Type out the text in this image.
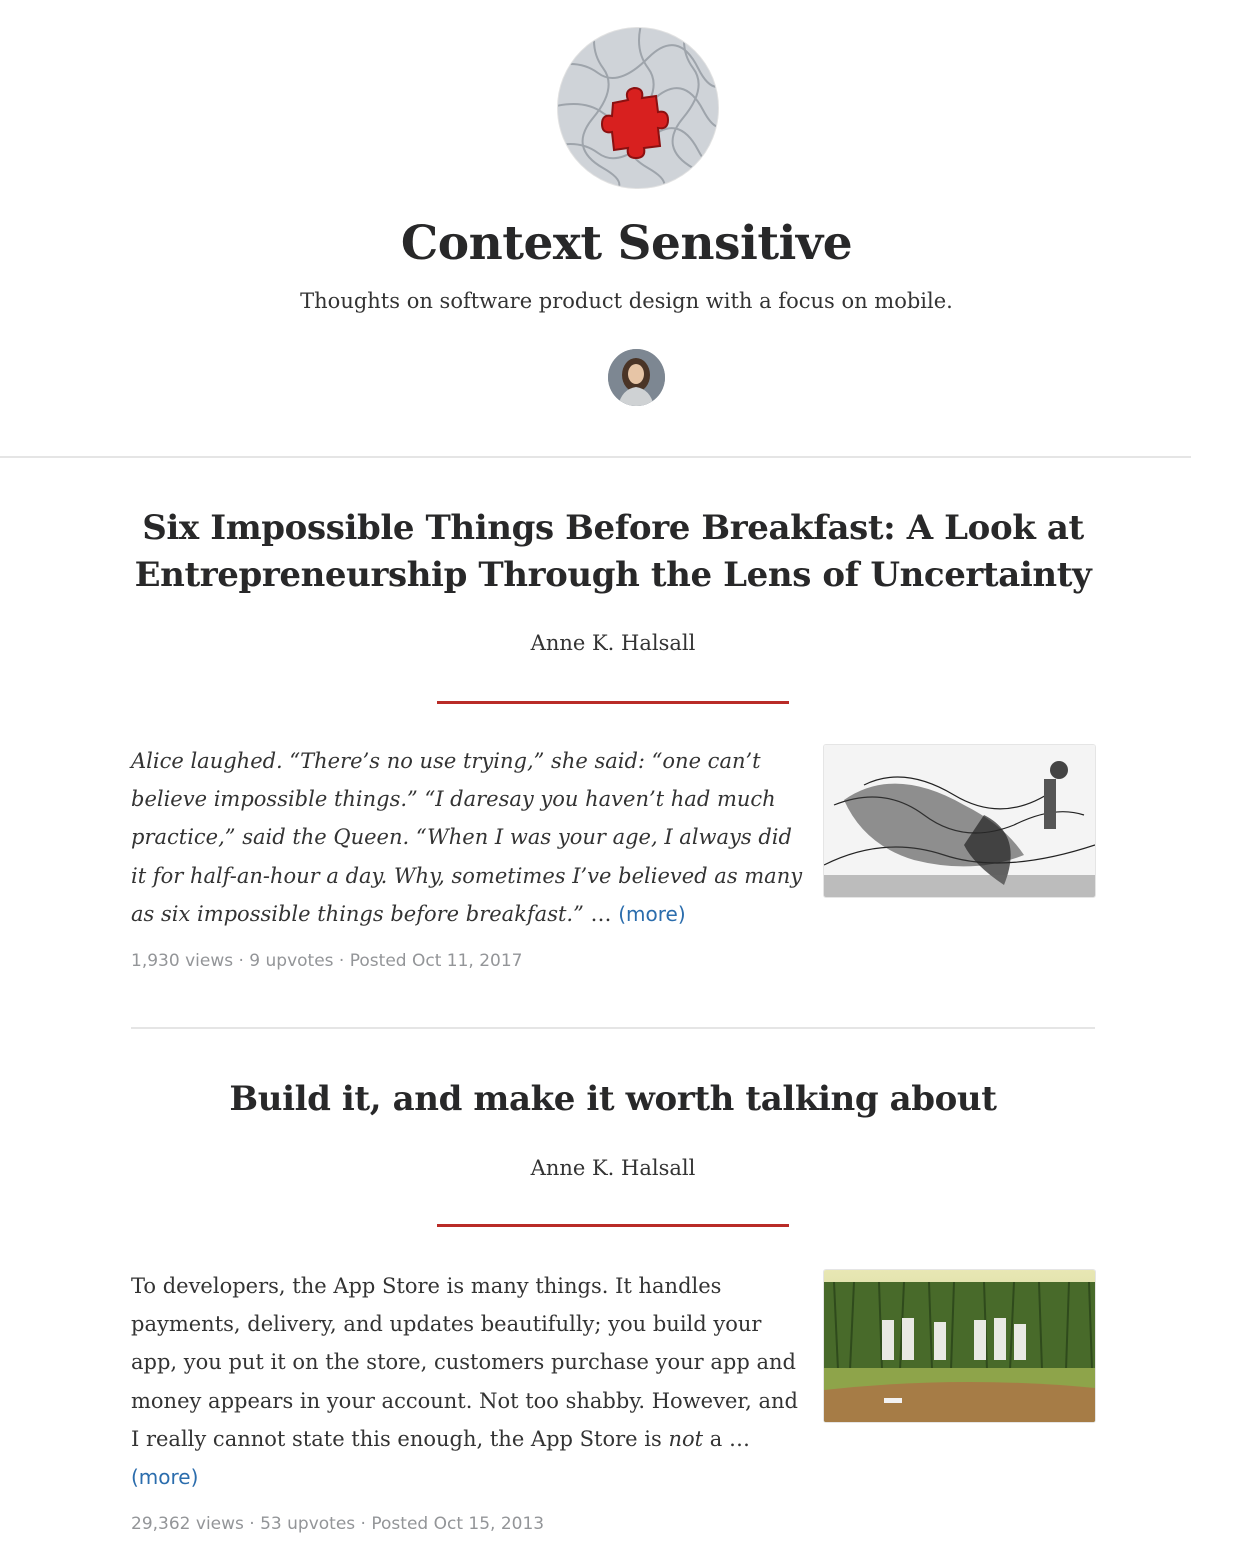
Context Sensitive
Thoughts on software product design with a focus on mobile.
Six Impossible Things Before Breakfast: A Look at Entrepreneurship Through the Lens of Uncertainty
Anne K. Halsall
Alice laughed. “There’s no use trying,” she said: “one can’t believe impossible things.” “I daresay you haven’t had much practice,” said the Queen. “When I was your age, I always did it for half-an-hour a day. Why, sometimes I’ve believed as many as six impossible things before breakfast.” … (more)
1,930 views · 9 upvotes · Posted Oct 11, 2017
Build it, and make it worth talking about
Anne K. Halsall
To developers, the App Store is many things. It handles payments, delivery, and updates beautifully; you build your app, you put it on the store, customers purchase your app and money appears in your account. Not too shabby. However, and I really cannot state this enough, the App Store is not a … (more)
29,362 views · 53 upvotes · Posted Oct 15, 2013
